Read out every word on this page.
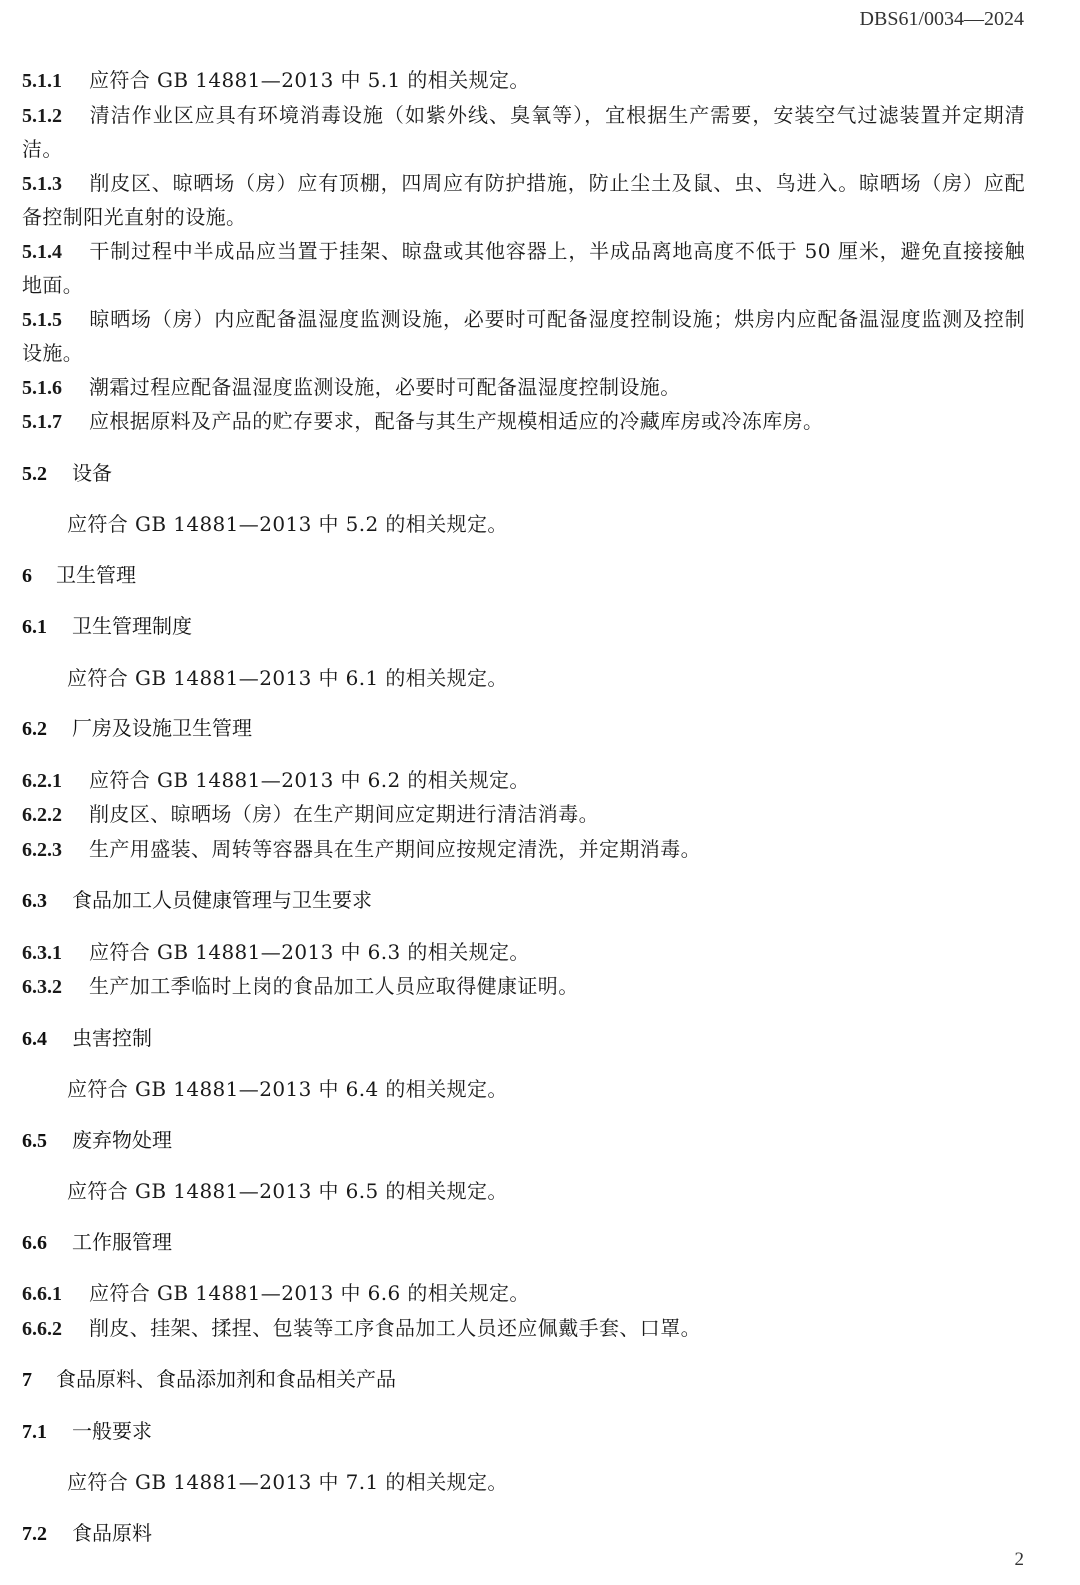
DBS61/0034—2024
5.1.1 应符合 GB 14881—2013 中 5.1 的相关规定。
5.1.2 清洁作业区应具有环境消毒设施（如紫外线、臭氧等），宜根据生产需要，安装空气过滤装置并定期清洁。
5.1.3 削皮区、晾晒场（房）应有顶棚，四周应有防护措施，防止尘土及鼠、虫、鸟进入。晾晒场（房）应配备控制阳光直射的设施。
5.1.4 干制过程中半成品应当置于挂架、晾盘或其他容器上，半成品离地高度不低于 50 厘米，避免直接接触地面。
5.1.5 晾晒场（房）内应配备温湿度监测设施，必要时可配备湿度控制设施；烘房内应配备温湿度监测及控制设施。
5.1.6 潮霜过程应配备温湿度监测设施，必要时可配备温湿度控制设施。
5.1.7 应根据原料及产品的贮存要求，配备与其生产规模相适应的冷藏库房或冷冻库房。
5.2 设备
应符合 GB 14881—2013 中 5.2 的相关规定。
6 卫生管理
6.1 卫生管理制度
应符合 GB 14881—2013 中 6.1 的相关规定。
6.2 厂房及设施卫生管理
6.2.1 应符合 GB 14881—2013 中 6.2 的相关规定。
6.2.2 削皮区、晾晒场（房）在生产期间应定期进行清洁消毒。
6.2.3 生产用盛装、周转等容器具在生产期间应按规定清洗，并定期消毒。
6.3 食品加工人员健康管理与卫生要求
6.3.1 应符合 GB 14881—2013 中 6.3 的相关规定。
6.3.2 生产加工季临时上岗的食品加工人员应取得健康证明。
6.4 虫害控制
应符合 GB 14881—2013 中 6.4 的相关规定。
6.5 废弃物处理
应符合 GB 14881—2013 中 6.5 的相关规定。
6.6 工作服管理
6.6.1 应符合 GB 14881—2013 中 6.6 的相关规定。
6.6.2 削皮、挂架、揉捏、包装等工序食品加工人员还应佩戴手套、口罩。
7 食品原料、食品添加剂和食品相关产品
7.1 一般要求
应符合 GB 14881—2013 中 7.1 的相关规定。
7.2 食品原料
2
